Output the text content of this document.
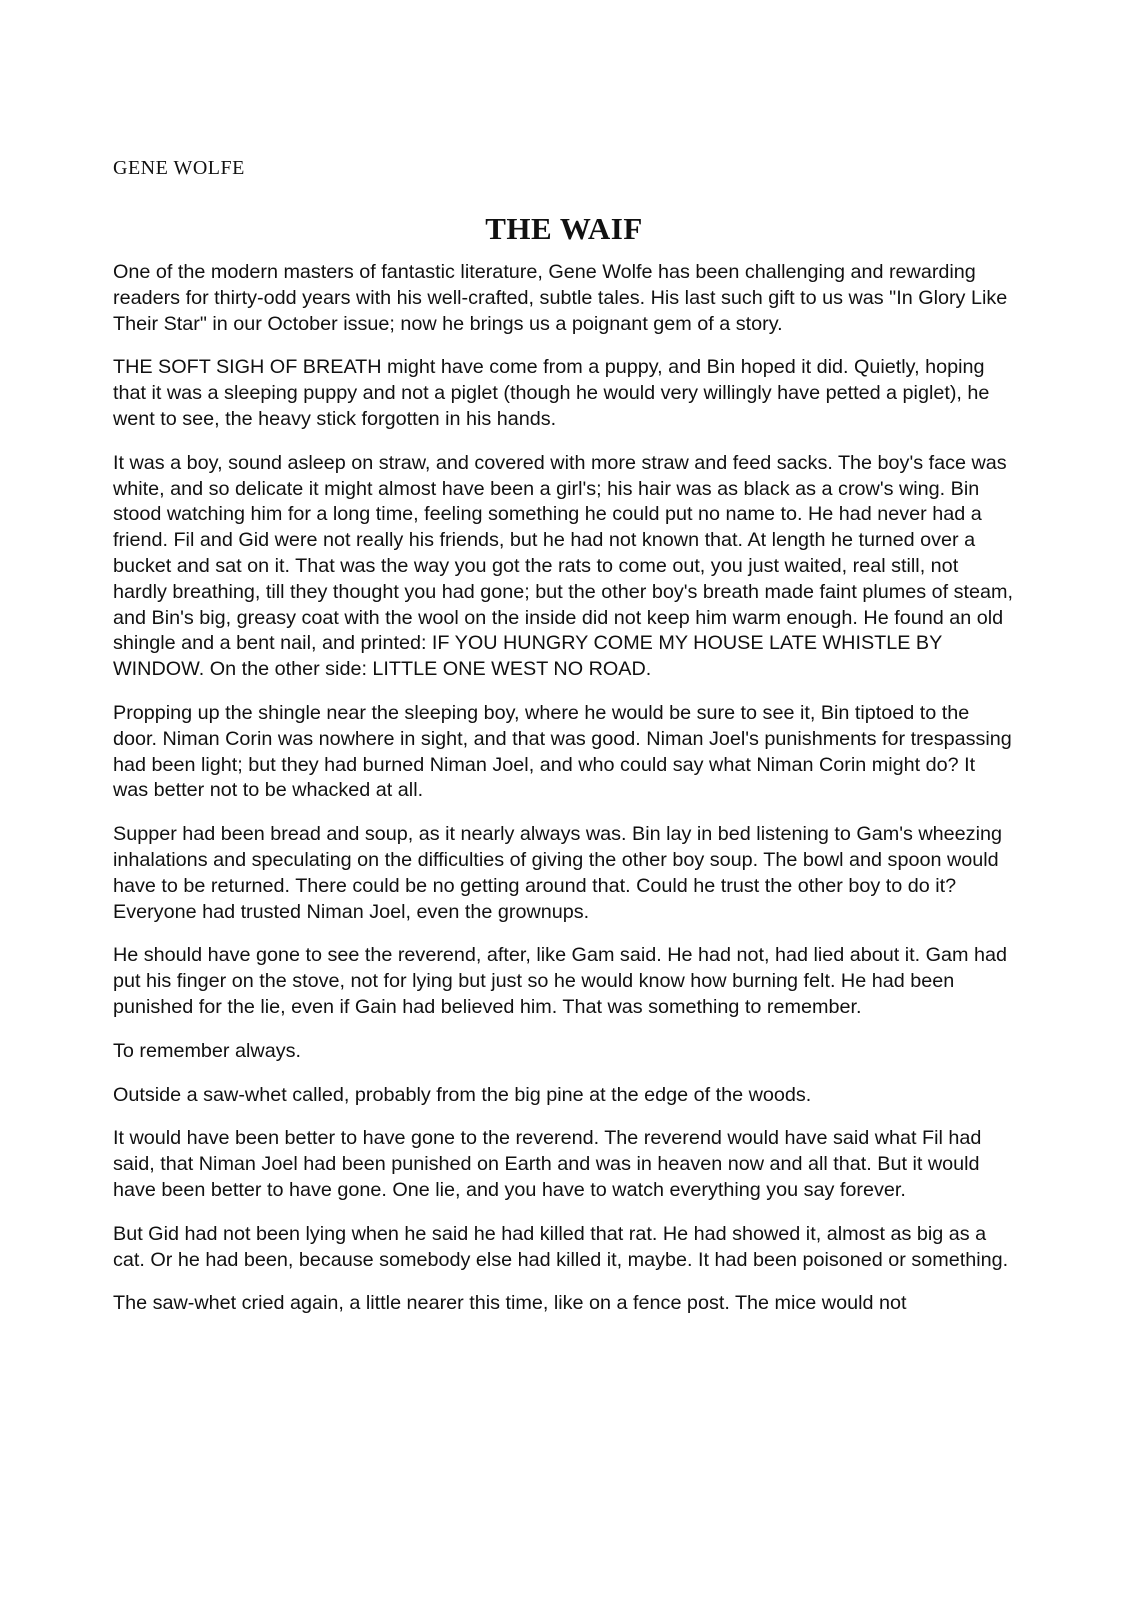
GENE WOLFE
THE WAIF

One of the modern masters of fantastic literature, Gene Wolfe has been challenging and rewarding readers for thirty-odd years with his well-crafted, subtle tales. His last such gift to us was "In Glory Like Their Star" in our October issue; now he brings us a poignant gem of a story.

THE SOFT SIGH OF BREATH might have come from a puppy, and Bin hoped it did. Quietly, hoping that it was a sleeping puppy and not a piglet (though he would very willingly have petted a piglet), he went to see, the heavy stick forgotten in his hands.

It was a boy, sound asleep on straw, and covered with more straw and feed sacks. The boy's face was white, and so delicate it might almost have been a girl's; his hair was as black as a crow's wing. Bin stood watching him for a long time, feeling something he could put no name to. He had never had a friend. Fil and Gid were not really his friends, but he had not known that. At length he turned over a bucket and sat on it. That was the way you got the rats to come out, you just waited, real still, not hardly breathing, till they thought you had gone; but the other boy's breath made faint plumes of steam, and Bin's big, greasy coat with the wool on the inside did not keep him warm enough. He found an old shingle and a bent nail, and printed: IF YOU HUNGRY COME MY HOUSE LATE WHISTLE BY WINDOW. On the other side: LITTLE ONE WEST NO ROAD.

Propping up the shingle near the sleeping boy, where he would be sure to see it, Bin tiptoed to the door. Niman Corin was nowhere in sight, and that was good. Niman Joel's punishments for trespassing had been light; but they had burned Niman Joel, and who could say what Niman Corin might do? It was better not to be whacked at all.

Supper had been bread and soup, as it nearly always was. Bin lay in bed listening to Gam's wheezing inhalations and speculating on the difficulties of giving the other boy soup. The bowl and spoon would have to be returned. There could be no getting around that. Could he trust the other boy to do it? Everyone had trusted Niman Joel, even the grownups.

He should have gone to see the reverend, after, like Gam said. He had not, had lied about it. Gam had put his finger on the stove, not for lying but just so he would know how burning felt. He had been punished for the lie, even if Gain had believed him. That was something to remember.

To remember always.

Outside a saw-whet called, probably from the big pine at the edge of the woods.

It would have been better to have gone to the reverend. The reverend would have said what Fil had said, that Niman Joel had been punished on Earth and was in heaven now and all that. But it would have been better to have gone. One lie, and you have to watch everything you say forever.

But Gid had not been lying when he said he had killed that rat. He had showed it, almost as big as a cat. Or he had been, because somebody else had killed it, maybe. It had been poisoned or something.

The saw-whet cried again, a little nearer this time, like on a fence post. The mice would not
